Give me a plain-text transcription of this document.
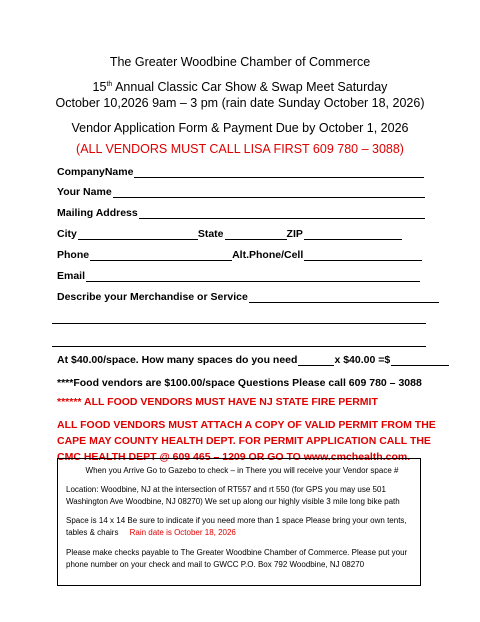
The Greater Woodbine Chamber of Commerce
15th Annual Classic Car Show & Swap Meet Saturday
October 10,2026 9am – 3 pm (rain date Sunday October 18, 2026)
Vendor Application Form & Payment Due by October 1, 2026
(ALL VENDORS MUST CALL LISA FIRST 609 780 – 3088)
CompanyName
Your Name
Mailing Address
City	State	ZIP
Phone	Alt.Phone/Cell
Email
Describe your Merchandise or Service
At $40.00/space. How many spaces do you need	x $40.00 =$
****Food vendors are $100.00/space Questions Please call 609 780 – 3088
****** ALL FOOD VENDORS MUST HAVE NJ STATE FIRE PERMIT
ALL FOOD VENDORS MUST ATTACH A COPY OF VALID PERMIT FROM THE CAPE MAY COUNTY HEALTH DEPT. FOR PERMIT APPLICATION CALL THE CMC HEALTH DEPT @ 609 465 – 1209 OR GO TO www.cmchealth.com.

When you Arrive Go to Gazebo to check – in There you will receive your Vendor space #

Location: Woodbine, NJ at the intersection of RT557 and rt 550 (for GPS you may use 501 Washington Ave Woodbine, NJ 08270) We set up along our highly visible 3 mile long bike path

Space is 14 x 14 Be sure to indicate if you need more than 1 space Please bring your own tents, tables & chairs Rain date is October 18, 2026

Please make checks payable to The Greater Woodbine Chamber of Commerce. Please put your phone number on your check and mail to GWCC P.O. Box 792 Woodbine, NJ 08270
